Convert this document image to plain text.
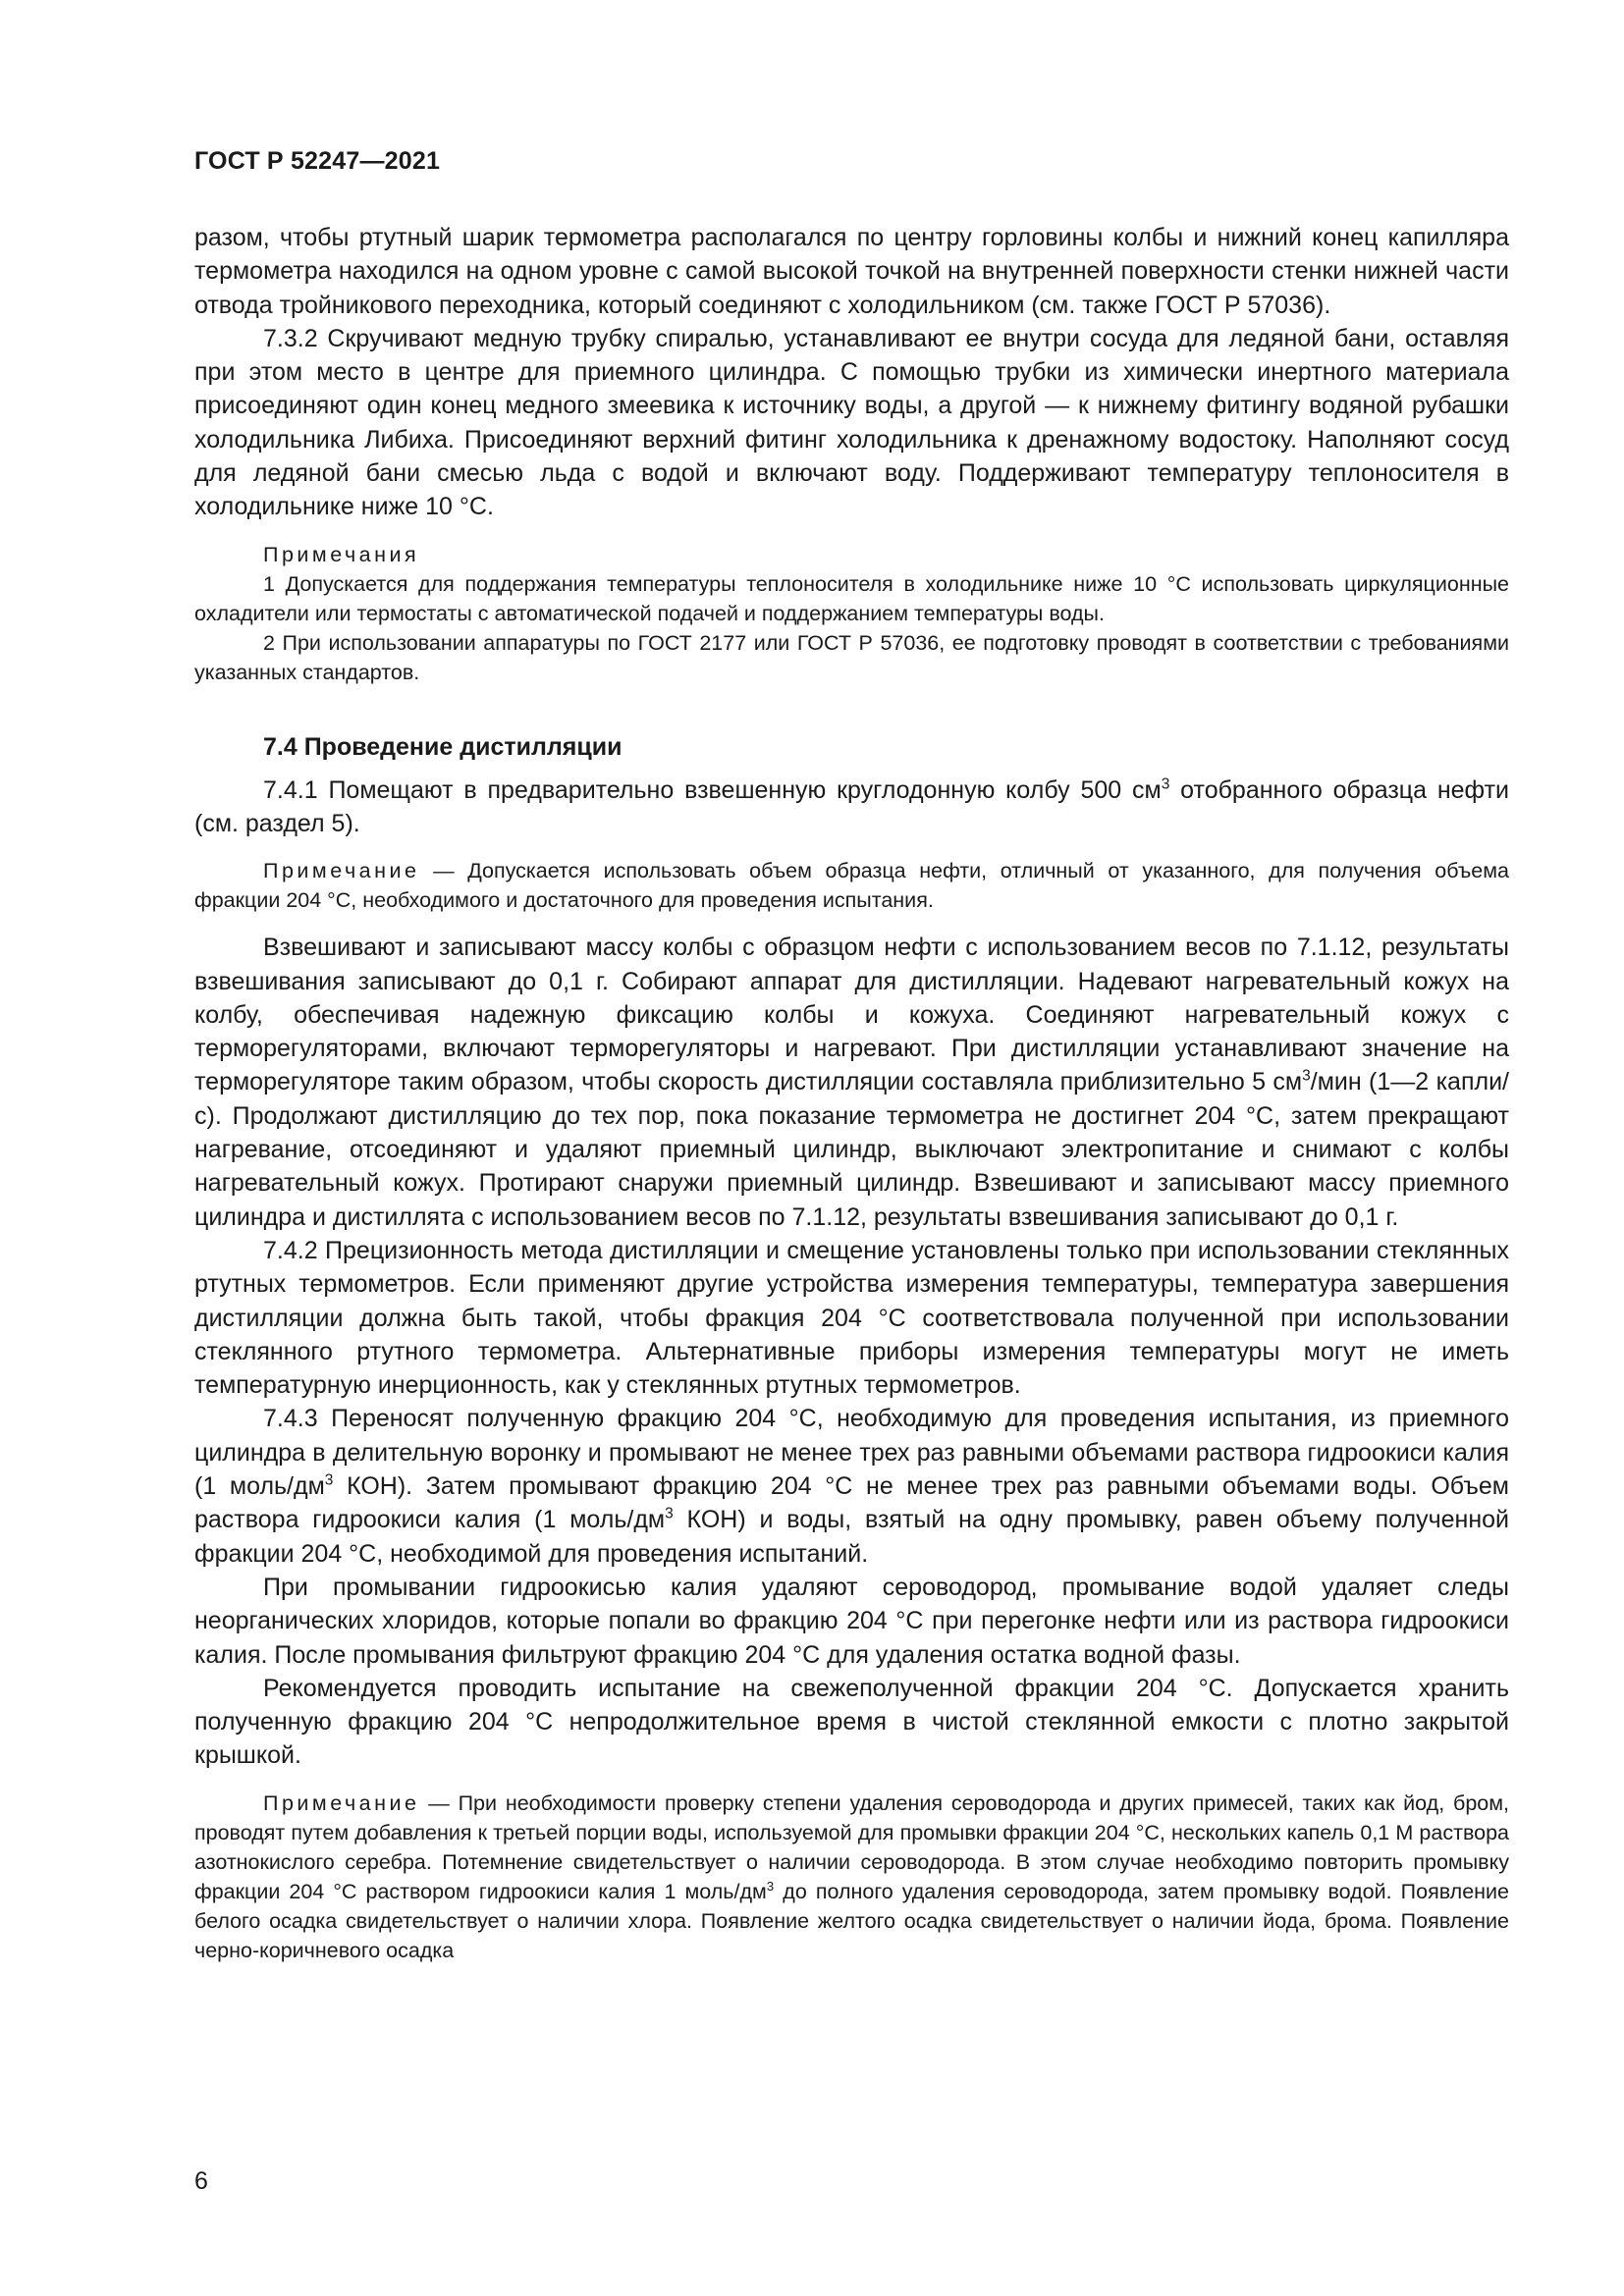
ГОСТ Р 52247—2021

разом, чтобы ртутный шарик термометра располагался по центру горловины колбы и нижний конец капилляра термометра находился на одном уровне с самой высокой точкой на внутренней поверхности стенки нижней части отвода тройникового переходника, который соединяют с холодильником (см. также ГОСТ Р 57036).

7.3.2 Скручивают медную трубку спиралью, устанавливают ее внутри сосуда для ледяной бани, оставляя при этом место в центре для приемного цилиндра. С помощью трубки из химически инертного материала присоединяют один конец медного змеевика к источнику воды, а другой — к нижнему фитингу водяной рубашки холодильника Либиха. Присоединяют верхний фитинг холодильника к дренажному водостоку. Наполняют сосуд для ледяной бани смесью льда с водой и включают воду. Поддерживают температуру теплоносителя в холодильнике ниже 10 °С.

Примечания

1 Допускается для поддержания температуры теплоносителя в холодильнике ниже 10 °С использовать циркуляционные охладители или термостаты с автоматической подачей и поддержанием температуры воды.

2 При использовании аппаратуры по ГОСТ 2177 или ГОСТ Р 57036, ее подготовку проводят в соответствии с требованиями указанных стандартов.

7.4 Проведение дистилляции

7.4.1 Помещают в предварительно взвешенную круглодонную колбу 500 $см^3$ отобранного образца нефти (см. раздел 5).

Примечание — Допускается использовать объем образца нефти, отличный от указанного, для получения объема фракции 204 °С, необходимого и достаточного для проведения испытания.

Взвешивают и записывают массу колбы с образцом нефти с использованием весов по 7.1.12, результаты взвешивания записывают до 0,1 г. Собирают аппарат для дистилляции. Надевают нагревательный кожух на колбу, обеспечивая надежную фиксацию колбы и кожуха. Соединяют нагревательный кожух с терморегуляторами, включают терморегуляторы и нагревают. При дистилляции устанавливают значение на терморегуляторе таким образом, чтобы скорость дистилляции составляла приблизительно 5 $см^3$/мин (1—2 капли/с). Продолжают дистилляцию до тех пор, пока показание термометра не достигнет 204 °С, затем прекращают нагревание, отсоединяют и удаляют приемный цилиндр, выключают электропитание и снимают с колбы нагревательный кожух. Протирают снаружи приемный цилиндр. Взвешивают и записывают массу приемного цилиндра и дистиллята с использованием весов по 7.1.12, результаты взвешивания записывают до 0,1 г.

7.4.2 Прецизионность метода дистилляции и смещение установлены только при использовании стеклянных ртутных термометров. Если применяют другие устройства измерения температуры, температура завершения дистилляции должна быть такой, чтобы фракция 204 °С соответствовала полученной при использовании стеклянного ртутного термометра. Альтернативные приборы измерения температуры могут не иметь температурную инерционность, как у стеклянных ртутных термометров.

7.4.3 Переносят полученную фракцию 204 °С, необходимую для проведения испытания, из приемного цилиндра в делительную воронку и промывают не менее трех раз равными объемами раствора гидроокиси калия (1 моль/$дм^3$ КОН). Затем промывают фракцию 204 °С не менее трех раз равными объемами воды. Объем раствора гидроокиси калия (1 моль/$дм^3$ КОН) и воды, взятый на одну промывку, равен объему полученной фракции 204 °С, необходимой для проведения испытаний.

При промывании гидроокисью калия удаляют сероводород, промывание водой удаляет следы неорганических хлоридов, которые попали во фракцию 204 °С при перегонке нефти или из раствора гидроокиси калия. После промывания фильтруют фракцию 204 °С для удаления остатка водной фазы.

Рекомендуется проводить испытание на свежеполученной фракции 204 °С. Допускается хранить полученную фракцию 204 °С непродолжительное время в чистой стеклянной емкости с плотно закрытой крышкой.

Примечание — При необходимости проверку степени удаления сероводорода и других примесей, таких как йод, бром, проводят путем добавления к третьей порции воды, используемой для промывки фракции 204 °С, нескольких капель 0,1 М раствора азотнокислого серебра. Потемнение свидетельствует о наличии сероводорода. В этом случае необходимо повторить промывку фракции 204 °С раствором гидроокиси калия 1 моль/$дм^3$ до полного удаления сероводорода, затем промывку водой. Появление белого осадка свидетельствует о наличии хлора. Появление желтого осадка свидетельствует о наличии йода, брома. Появление черно-коричневого осадка

6
